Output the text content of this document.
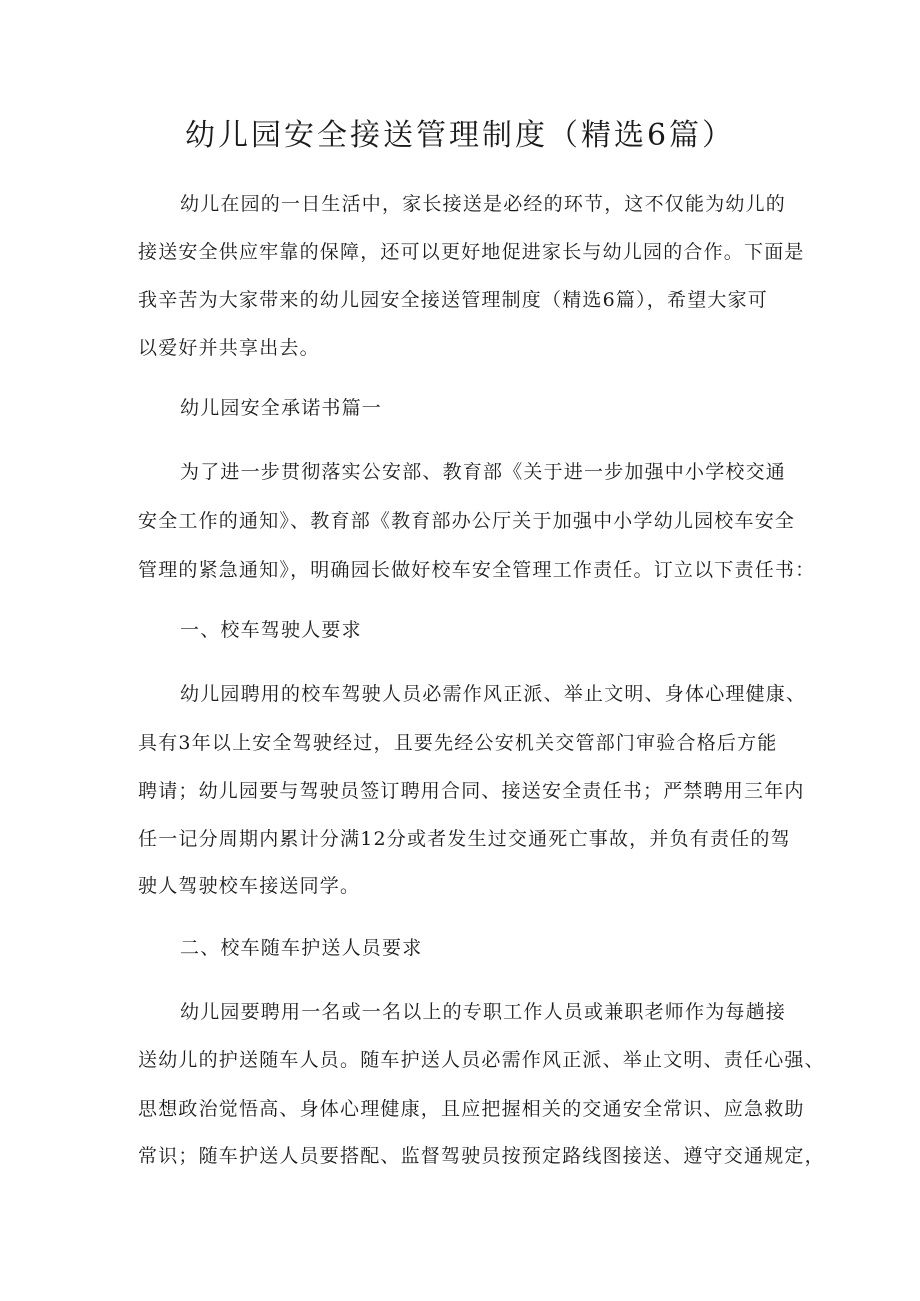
幼儿园安全接送管理制度（精选6篇）
幼儿在园的一日生活中，家长接送是必经的环节，这不仅能为幼儿的
接送安全供应牢靠的保障，还可以更好地促进家长与幼儿园的合作。下面是
我辛苦为大家带来的幼儿园安全接送管理制度（精选6篇），希望大家可
以爱好并共享出去。
幼儿园安全承诺书篇一
为了进一步贯彻落实公安部、教育部《关于进一步加强中小学校交通
安全工作的通知》、教育部《教育部办公厅关于加强中小学幼儿园校车安全
管理的紧急通知》，明确园长做好校车安全管理工作责任。订立以下责任书：
一、校车驾驶人要求
幼儿园聘用的校车驾驶人员必需作风正派、举止文明、身体心理健康、
具有3年以上安全驾驶经过，且要先经公安机关交管部门审验合格后方能
聘请；幼儿园要与驾驶员签订聘用合同、接送安全责任书；严禁聘用三年内
任一记分周期内累计分满12分或者发生过交通死亡事故，并负有责任的驾
驶人驾驶校车接送同学。
二、校车随车护送人员要求
幼儿园要聘用一名或一名以上的专职工作人员或兼职老师作为每趟接
送幼儿的护送随车人员。随车护送人员必需作风正派、举止文明、责任心强、
思想政治觉悟高、身体心理健康，且应把握相关的交通安全常识、应急救助
常识；随车护送人员要搭配、监督驾驶员按预定路线图接送、遵守交通规定，
